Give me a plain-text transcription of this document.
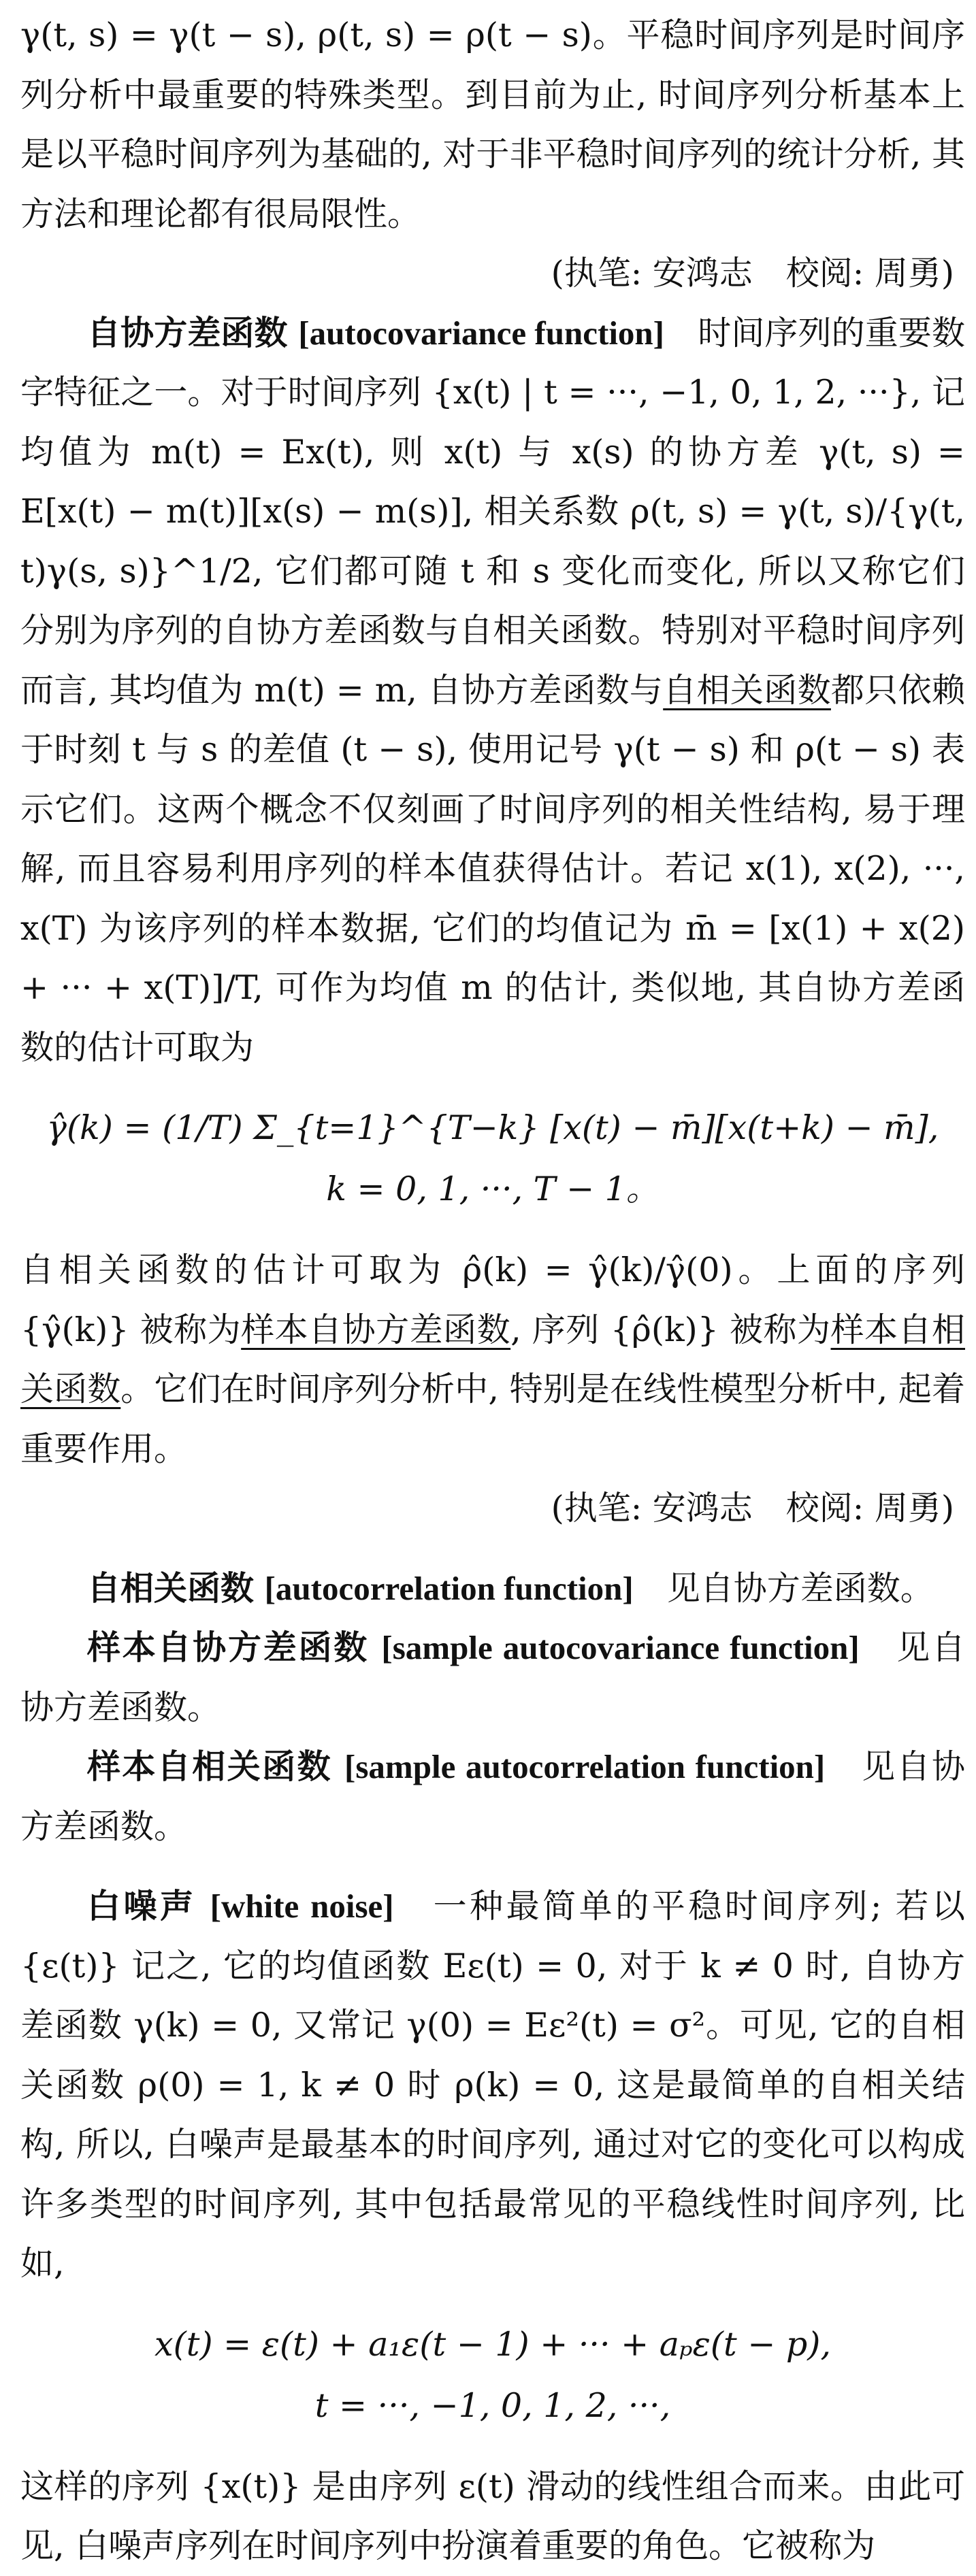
γ(t, s) = γ(t − s), ρ(t, s) = ρ(t − s)。平稳时间序列是时间序列分析中最重要的特殊类型。到目前为止, 时间序列分析基本上是以平稳时间序列为基础的, 对于非平稳时间序列的统计分析, 其方法和理论都有很局限性。

(执笔: 安鸿志　校阅: 周勇)

自协方差函数 [autocovariance function]　 时间序列的重要数字特征之一。对于时间序列 {x(t) | t = ···, −1, 0, 1, 2, ···}, 记均值为 m(t) = Ex(t), 则 x(t) 与 x(s) 的协方差 γ(t, s) = E[x(t) − m(t)][x(s) − m(s)], 相关系数 ρ(t, s) = γ(t, s)/{γ(t, t)γ(s, s)}^1/2, 它们都可随 t 和 s 变化而变化, 所以又称它们分别为序列的自协方差函数与自相关函数。特别对平稳时间序列而言, 其均值为 m(t) = m, 自协方差函数与自相关函数都只依赖于时刻 t 与 s 的差值 (t − s), 使用记号 γ(t − s) 和 ρ(t − s) 表示它们。这两个概念不仅刻画了时间序列的相关性结构, 易于理解, 而且容易利用序列的样本值获得估计。若记 x(1), x(2), ···, x(T) 为该序列的样本数据, 它们的均值记为 m̄ = [x(1) + x(2) + ··· + x(T)]/T, 可作为均值 m 的估计, 类似地, 其自协方差函数的估计可取为

γ̂(k) = (1/T) Σ_{t=1}^{T−k} [x(t) − m̄][x(t+k) − m̄],　k = 0, 1, ···, T − 1。

自相关函数的估计可取为 ρ̂(k) = γ̂(k)/γ̂(0)。上面的序列 {γ̂(k)} 被称为样本自协方差函数, 序列 {ρ̂(k)} 被称为样本自相关函数。它们在时间序列分析中, 特别是在线性模型分析中, 起着重要作用。

(执笔: 安鸿志　校阅: 周勇)

自相关函数 [autocorrelation function]　 见自协方差函数。

样本自协方差函数 [sample autocovariance function]　 见自协方差函数。

样本自相关函数 [sample autocorrelation function]　 见自协方差函数。

白噪声 [white noise]　 一种最简单的平稳时间序列; 若以 {ε(t)} 记之, 它的均值函数 Eε(t) = 0, 对于 k ≠ 0 时, 自协方差函数 γ(k) = 0, 又常记 γ(0) = Eε²(t) = σ²。可见, 它的自相关函数 ρ(0) = 1, k ≠ 0 时 ρ(k) = 0, 这是最简单的自相关结构, 所以, 白噪声是最基本的时间序列, 通过对它的变化可以构成许多类型的时间序列, 其中包括最常见的平稳线性时间序列, 比如,

x(t) = ε(t) + a₁ε(t − 1) + ··· + aₚε(t − p),
t = ···, −1, 0, 1, 2, ···,

这样的序列 {x(t)} 是由序列 ε(t) 滑动的线性组合而来。由此可见, 白噪声序列在时间序列中扮演着重要的角色。它被称为
